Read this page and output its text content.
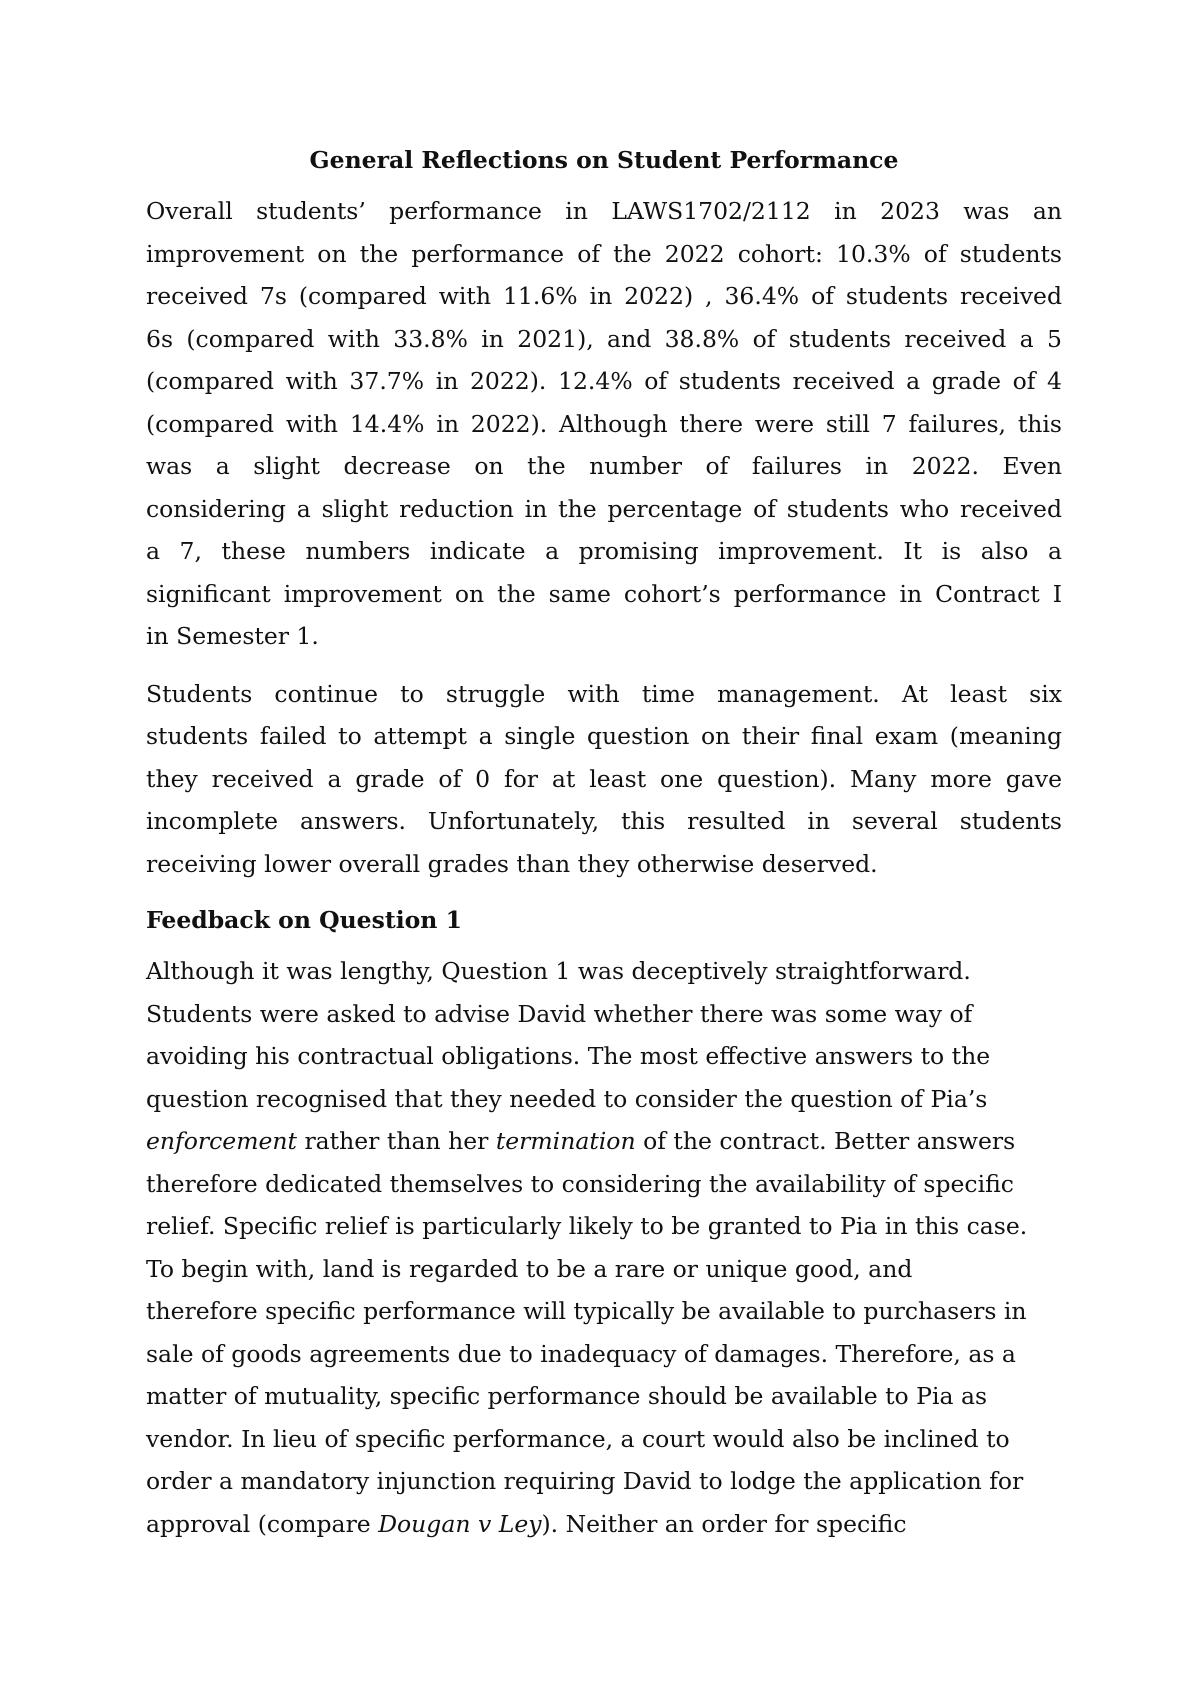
General Reflections on Student Performance
Overall students’ performance in LAWS1702/2112 in 2023 was an
improvement on the performance of the 2022 cohort: 10.3% of students
received 7s (compared with 11.6% in 2022) , 36.4% of students received
6s (compared with 33.8% in 2021), and 38.8% of students received a 5
(compared with 37.7% in 2022). 12.4% of students received a grade of 4
(compared with 14.4% in 2022). Although there were still 7 failures, this
was a slight decrease on the number of failures in 2022. Even
considering a slight reduction in the percentage of students who received
a 7, these numbers indicate a promising improvement. It is also a
significant improvement on the same cohort’s performance in Contract I
in Semester 1.
Students continue to struggle with time management. At least six
students failed to attempt a single question on their final exam (meaning
they received a grade of 0 for at least one question). Many more gave
incomplete answers. Unfortunately, this resulted in several students
receiving lower overall grades than they otherwise deserved.
Feedback on Question 1
Although it was lengthy, Question 1 was deceptively straightforward.
Students were asked to advise David whether there was some way of
avoiding his contractual obligations. The most effective answers to the
question recognised that they needed to consider the question of Pia’s
enforcement rather than her termination of the contract. Better answers
therefore dedicated themselves to considering the availability of specific
relief. Specific relief is particularly likely to be granted to Pia in this case.
To begin with, land is regarded to be a rare or unique good, and
therefore specific performance will typically be available to purchasers in
sale of goods agreements due to inadequacy of damages. Therefore, as a
matter of mutuality, specific performance should be available to Pia as
vendor. In lieu of specific performance, a court would also be inclined to
order a mandatory injunction requiring David to lodge the application for
approval (compare Dougan v Ley). Neither an order for specific
